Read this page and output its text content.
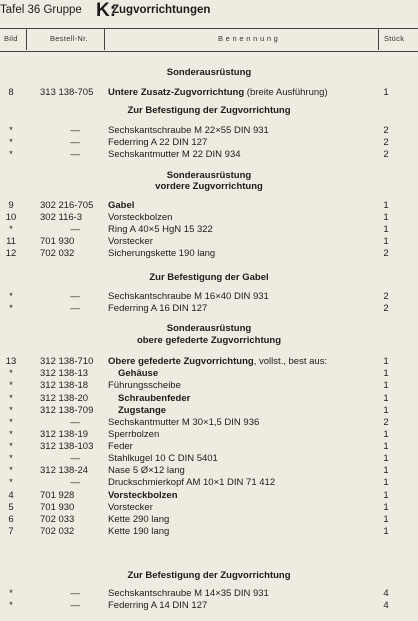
Tafel 36 Gruppe K:
Zugvorrichtungen
Bild	Bestell-Nr.	B e n e n n u n g	Stück
Sonderausrüstung
Zur Befestigung der Zugvorrichtung
Sonderausrüstung
vordere Zugvorrichtung
Zur Befestigung der Gabel
Sonderausrüstung
obere gefederte Zugvorrichtung
Zur Befestigung der Zugvorrichtung
8	313 138-705 Untere Zusatz-Zugvorrichtung (breite Ausführung)	1
*	—	Sechskantschraube M 22×55 DIN 931	2
*	—	Federring A 22 DIN 127	2
*	—	Sechskantmutter M 22 DIN 934	2
9	302 216-705 Gabel	1
10	302 116-3	Vorsteckbolzen	1
*	—	Ring A 40×5 HgN 15 322	1
11	701 930	Vorstecker	1
12	702 032	Sicherungskette 190 lang	2
*	—	Sechskantschraube M 16×40 DIN 931	2
*	—	Federring A 16 DIN 127	2
13	312 138-710 Obere gefederte Zugvorrichtung, vollst., best aus:	1
*	312 138-13	Gehäuse	1
*	312 138-18 Führungsscheibe	1
*	312 138-20	Schraubenfeder	1
*	312 138-709	Zugstange	1
*	—	Sechskantmutter M 30×1,5 DIN 936	2
*	312 138-19 Sperrbolzen	1
*	312 138-103 Feder	1
*	—	Stahlkugel 10 C DIN 5401	1
*	312 138-24 Nase 5 Ø×12 lang	1
*	—	Druckschmierkopf AM 10×1 DIN 71 412	1
4	701 928	Vorsteckbolzen	1
5	701 930	Vorstecker	1
6	702 033	Kette 290 lang	1
7	702 032	Kette 190 lang	1
*	—	Sechskantschraube M 14×35 DIN 931	4
*	—	Federring A 14 DIN 127	4
